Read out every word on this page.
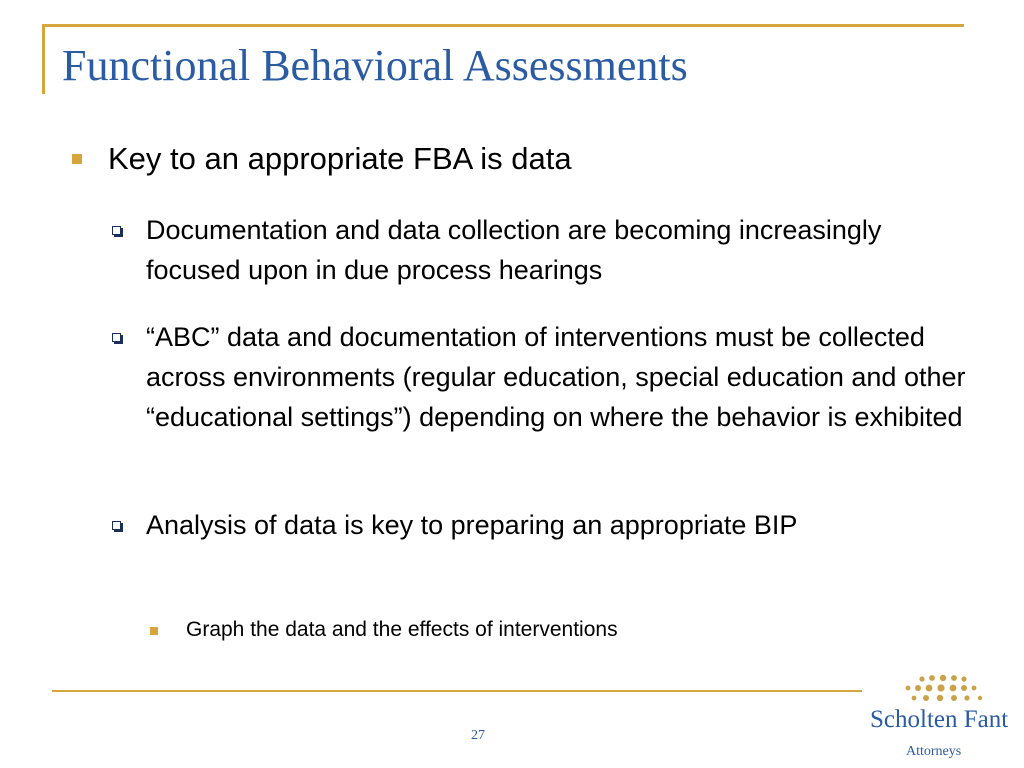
Functional Behavioral Assessments
Key to an appropriate FBA is data
Documentation and data collection are becoming increasingly focused upon in due process hearings
“ABC” data and documentation of interventions must be collected across environments (regular education, special education and other “educational settings”) depending on where the behavior is exhibited
Analysis of data is key to preparing an appropriate BIP
Graph the data and the effects of interventions
27
Scholten Fant
Attorneys
